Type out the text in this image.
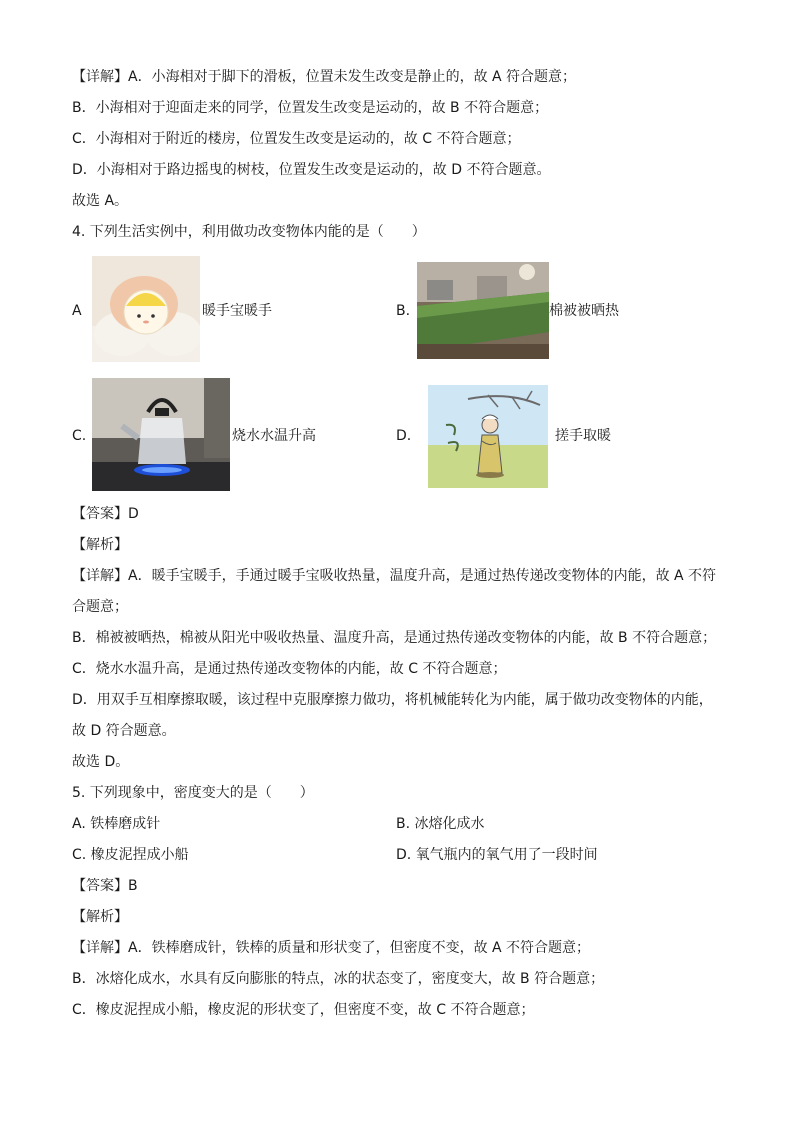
【详解】A．小海相对于脚下的滑板，位置未发生改变是静止的，故 A 符合题意；
B．小海相对于迎面走来的同学，位置发生改变是运动的，故 B 不符合题意；
C．小海相对于附近的楼房，位置发生改变是运动的，故 C 不符合题意；
D．小海相对于路边摇曳的树枝，位置发生改变是运动的，故 D 不符合题意。
故选 A。
4. 下列生活实例中，利用做功改变物体内能的是（　　）
A	暖手宝暖手	B.	棉被被晒热
C.	烧水水温升高	D.	搓手取暖
【答案】D
【解析】
【详解】A．暖手宝暖手，手通过暖手宝吸收热量，温度升高，是通过热传递改变物体的内能，故 A 不符
合题意；
B．棉被被晒热，棉被从阳光中吸收热量、温度升高，是通过热传递改变物体的内能，故 B 不符合题意；
C．烧水水温升高，是通过热传递改变物体的内能，故 C 不符合题意；
D．用双手互相摩擦取暖，该过程中克服摩擦力做功，将机械能转化为内能，属于做功改变物体的内能，
故 D 符合题意。
故选 D。
5. 下列现象中，密度变大的是（　　）
A. 铁棒磨成针	B. 冰熔化成水
C. 橡皮泥捏成小船	D. 氧气瓶内的氧气用了一段时间
【答案】B
【解析】
【详解】A．铁棒磨成针，铁棒的质量和形状变了，但密度不变，故 A 不符合题意；
B．冰熔化成水，水具有反向膨胀的特点，冰的状态变了，密度变大，故 B 符合题意；
C．橡皮泥捏成小船，橡皮泥的形状变了，但密度不变，故 C 不符合题意；
